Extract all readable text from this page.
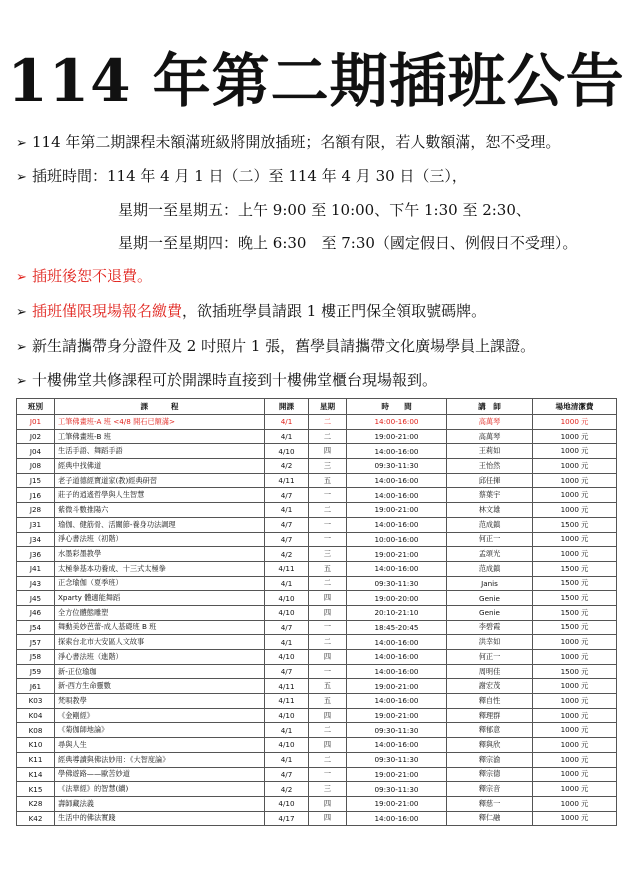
114 年第二期插班公告
➢ 114 年第二期課程未額滿班級將開放插班；名額有限，若人數額滿，恕不受理。
➢ 插班時間：114 年 4 月 1 日（二）至 114 年 4 月 30 日（三），
星期一至星期五：上午 9:00 至 10:00、下午 1:30 至 2:30、
星期一至星期四：晚上 6:30　至 7:30（國定假日、例假日不受理）。
➢ 插班後恕不退費。
➢ 插班僅限現場報名繳費，欲插班學員請跟 1 樓正門保全領取號碼牌。
➢ 新生請攜帶身分證件及 2 吋照片 1 張，舊學員請攜帶文化廣場學員上課證。
➢ 十樓佛堂共修課程可於開課時直接到十樓佛堂櫃台現場報到。
班別	課　　　程	開課	星期	時　　間	講　師	場地清潔費
J01	工筆佛畫班-A 班 <4/8 開石已額滿>	4/1	二	14:00-16:00	高萬琴	1000 元
J02	工筆佛畫班-B 班	4/1	二	19:00-21:00	高萬琴	1000 元
J04	生活手語、舞蹈手語	4/10	四	14:00-16:00	王莉如	1000 元
J08	經典中找佛道	4/2	三	09:30-11:30	王怡然	1000 元
J15	老子道德經寶道家(教)經典研習	4/11	五	14:00-16:00	邱任揮	1000 元
J16	莊子的逍遙哲學與人生智慧	4/7	一	14:00-16:00	蔡葉宇	1000 元
J28	紫微斗數推陽六	4/1	二	19:00-21:00	林文雄	1000 元
J31	瑜伽、健筋骨、活關節-養身功法調理	4/7	一	14:00-16:00	范成鎮	1500 元
J34	淨心書法班（初階）	4/7	一	10:00-16:00	何正一	1000 元
J36	水墨彩墨教學	4/2	三	19:00-21:00	孟頌光	1000 元
J41	太極拳基本功養成、十三式太極拳	4/11	五	14:00-16:00	范成鎮	1500 元
J43	正念瑜伽（夏季班）	4/1	二	09:30-11:30	Janis	1500 元
J45	Xparty 體適能舞蹈	4/10	四	19:00-20:00	Genie	1500 元
J46	全方位體態雕塑	4/10	四	20:10-21:10	Genie	1500 元
J54	舞動美妙芭蕾-成人基礎班 B 班	4/7	一	18:45-20:45	李碧霞	1500 元
J57	探索台北市大安區人文故事	4/1	二	14:00-16:00	洪幸如	1000 元
J58	淨心書法班（進階）	4/10	四	14:00-16:00	何正一	1000 元
J59	新-正位瑜珈	4/7	一	14:00-16:00	周明佳	1500 元
J61	新-西方生命靈數	4/11	五	19:00-21:00	謝宏茂	1000 元
K03	梵唄教學	4/11	五	14:00-16:00	釋自性	1000 元
K04	《金剛經》	4/10	四	19:00-21:00	釋理群	1000 元
K08	《菊伽師地論》	4/1	二	09:30-11:30	釋郁意	1000 元
K10	尋與人生	4/10	四	14:00-16:00	釋與欣	1000 元
K11	經典導讀與佛法妙用：《大智度論》	4/1	二	09:30-11:30	釋宗渝	1000 元
K14	學佛遊路——歐苦妙道	4/7	一	19:00-21:00	釋宗德	1000 元
K15	《法華經》的智慧(續)	4/2	三	09:30-11:30	釋宗音	1000 元
K28	壽師藏法義	4/10	四	19:00-21:00	釋慈一	1000 元
K42	生活中的佛法實踐	4/17	四	14:00-16:00	釋仁融	1000 元
